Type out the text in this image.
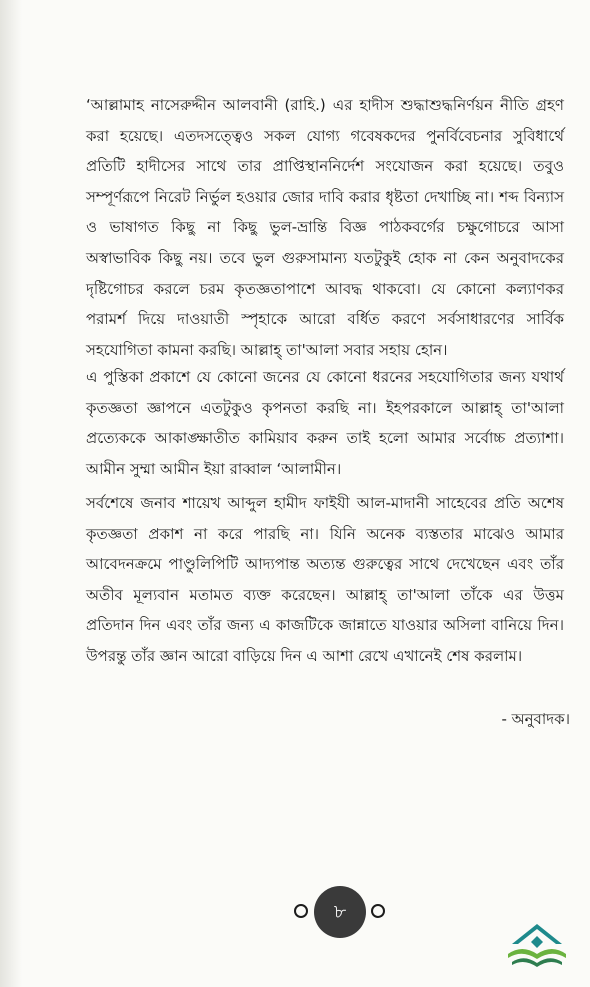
‘আল্লামাহ নাসেরুদ্দীন আলবানী (রাহি.) এর হাদীস শুদ্ধাশুদ্ধনির্ণয়ন নীতি গ্রহণ করা হয়েছে। এতদসত্ত্বেও সকল যোগ্য গবেষকদের পুনর্বিবেচনার সুবিধার্থে প্রতিটি হাদীসের সাথে তার প্রাপ্তিস্থাননির্দেশ সংযোজন করা হয়েছে। তবুও সম্পূর্ণরূপে নিরেট নির্ভুল হওয়ার জোর দাবি করার ধৃষ্টতা দেখাচ্ছি না। শব্দ বিন্যাস ও ভাষাগত কিছু না কিছু ভুল-ভ্রান্তি বিজ্ঞ পাঠকবর্গের চক্ষুগোচরে আসা অস্বাভাবিক কিছু নয়। তবে ভুল গুরুসামান্য যতটুকুই হোক না কেন অনুবাদকের দৃষ্টিগোচর করলে চরম কৃতজ্ঞতাপাশে আবদ্ধ থাকবো। যে কোনো কল্যাণকর পরামর্শ দিয়ে দাওয়াতী স্পৃহাকে আরো বর্ধিত করণে সর্বসাধারণের সার্বিক সহযোগিতা কামনা করছি। আল্লাহ্ তা'আলা সবার সহায় হোন।

এ পুস্তিকা প্রকাশে যে কোনো জনের যে কোনো ধরনের সহযোগিতার জন্য যথার্থ কৃতজ্ঞতা জ্ঞাপনে এতটুকুও কৃপনতা করছি না। ইহপরকালে আল্লাহ্ তা'আলা প্রত্যেককে আকাঙ্ক্ষাতীত কামিয়াব করুন তাই হলো আমার সর্বোচ্চ প্রত্যাশা। আমীন সুম্মা আমীন ইয়া রাব্বাল ‘আলামীন।

সর্বশেষে জনাব শায়েখ আব্দুল হামীদ ফাইযী আল-মাদানী সাহেবের প্রতি অশেষ কৃতজ্ঞতা প্রকাশ না করে পারছি না। যিনি অনেক ব্যস্ততার মাঝেও আমার আবেদনক্রমে পাণ্ডুলিপিটি আদ্যপান্ত অত্যন্ত গুরুত্বের সাথে দেখেছেন এবং তাঁর অতীব মূল্যবান মতামত ব্যক্ত করেছেন। আল্লাহ্ তা'আলা তাঁকে এর উত্তম প্রতিদান দিন এবং তাঁর জন্য এ কাজটিকে জান্নাতে যাওয়ার অসিলা বানিয়ে দিন। উপরন্তু তাঁর জ্ঞান আরো বাড়িয়ে দিন এ আশা রেখে এখানেই শেষ করলাম।

- অনুবাদক।

৮
